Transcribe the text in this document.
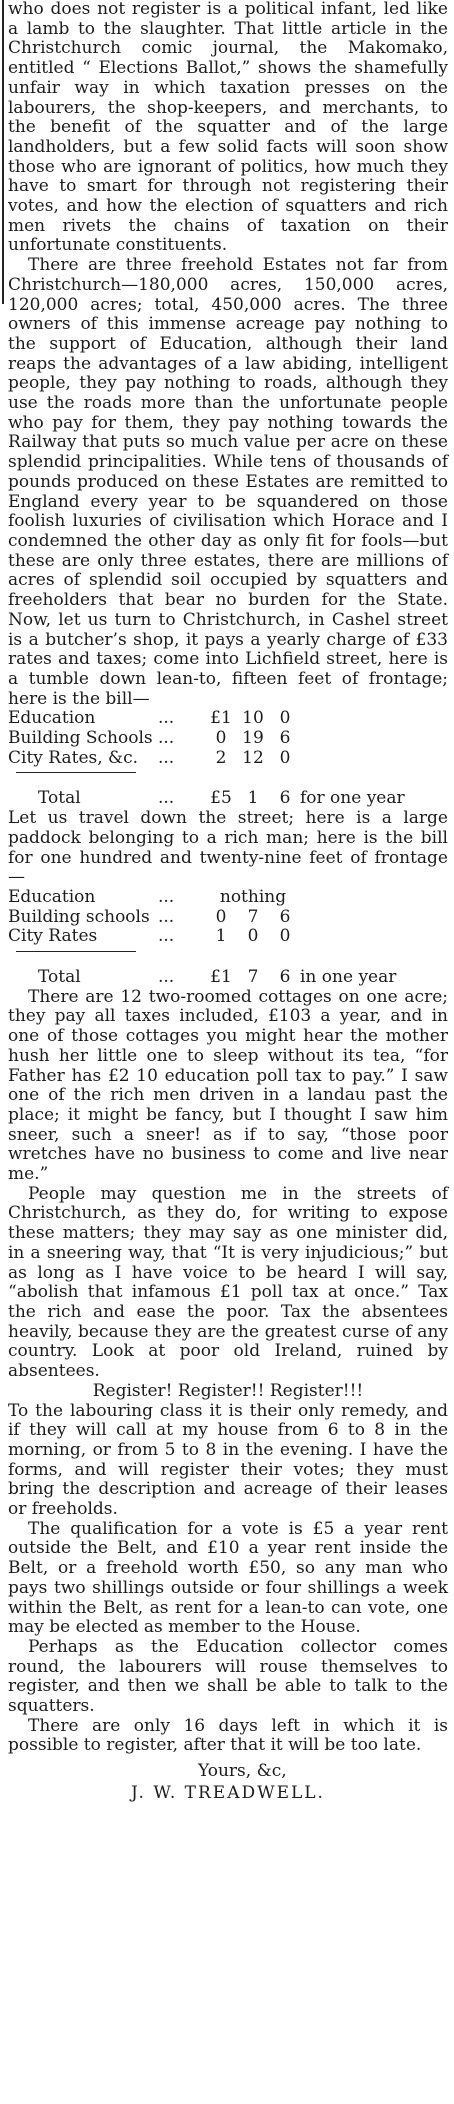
who does not register is a political infant, led like a lamb to the slaughter. That little article in the Christchurch comic journal, the Makomako, entitled “ Elections Ballot,” shows the shamefully unfair way in which taxation presses on the labourers, the shop-keepers, and merchants, to the benefit of the squatter and of the large landholders, but a few solid facts will soon show those who are ignorant of politics, how much they have to smart for through not registering their votes, and how the election of squatters and rich men rivets the chains of taxation on their unfortunate constituents.

There are three freehold Estates not far from Christchurch—180,000 acres, 150,000 acres, 120,000 acres; total, 450,000 acres. The three owners of this immense acreage pay nothing to the support of Education, although their land reaps the advantages of a law abiding, intelligent people, they pay nothing to roads, although they use the roads more than the unfortunate people who pay for them, they pay nothing towards the Railway that puts so much value per acre on these splendid principalities. While tens of thousands of pounds produced on these Estates are remitted to England every year to be squandered on those foolish luxuries of civilisation which Horace and I condemned the other day as only fit for fools—but these are only three estates, there are millions of acres of splendid soil occupied by squatters and freeholders that bear no burden for the State. Now, let us turn to Christchurch, in Cashel street is a butcher’s shop, it pays a yearly charge of £33 rates and taxes; come into Lichfield street, here is a tumble down lean-to, fifteen feet of frontage; here is the bill—

Education	...	£1 10 0
Building Schools ...	0 19 6
City Rates, &c.	...	2 12 0
Total	...	£5 1	6 for one year

Let us travel down the street; here is a large paddock belonging to a rich man; here is the bill for one hundred and twenty-nine feet of frontage—

Education	...	nothing
Building schools ...	0	7	6
City Rates	...	1	0	0
Total	...	£1 7	6 in one year

There are 12 two-roomed cottages on one acre; they pay all taxes included, £103 a year, and in one of those cottages you might hear the mother hush her little one to sleep without its tea, “for Father has £2 10 education poll tax to pay.” I saw one of the rich men driven in a landau past the place; it might be fancy, but I thought I saw him sneer, such a sneer! as if to say, “those poor wretches have no business to come and live near me.”

People may question me in the streets of Christchurch, as they do, for writing to expose these matters; they may say as one minister did, in a sneering way, that “It is very injudicious;” but as long as I have voice to be heard I will say, “abolish that infamous £1 poll tax at once.” Tax the rich and ease the poor. Tax the absentees heavily, because they are the greatest curse of any country. Look at poor old Ireland, ruined by absentees.

Register! Register!! Register!!!

To the labouring class it is their only remedy, and if they will call at my house from 6 to 8 in the morning, or from 5 to 8 in the evening. I have the forms, and will register their votes; they must bring the description and acreage of their leases or freeholds.

The qualification for a vote is £5 a year rent outside the Belt, and £10 a year rent inside the Belt, or a freehold worth £50, so any man who pays two shillings outside or four shillings a week within the Belt, as rent for a lean-to can vote, one may be elected as member to the House.

Perhaps as the Education collector comes round, the labourers will rouse themselves to register, and then we shall be able to talk to the squatters.

There are only 16 days left in which it is possible to register, after that it will be too late.

Yours, &c,

J. W. TREADWELL.
